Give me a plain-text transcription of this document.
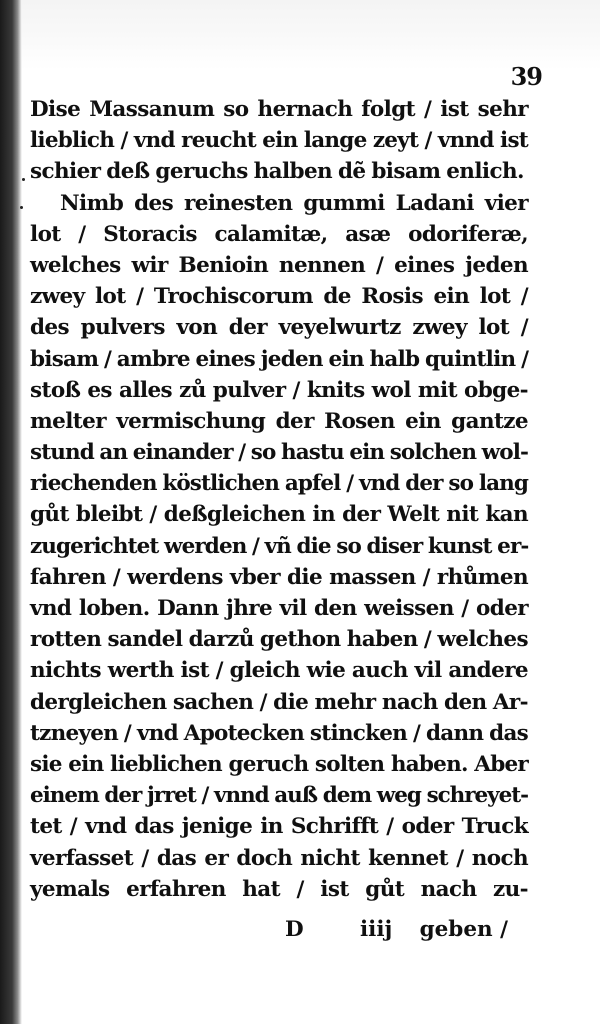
39
Dise Massanum so hernach folgt / ist sehr
lieblich / vnd reucht ein lange zeyt / vnnd ist
schier deß geruchs halben dẽ bisam enlich.
Nimb des reinesten gummi Ladani vier
lot / Storacis calamitæ, asæ odoriferæ,
welches wir Benioin nennen / eines jeden
zwey lot / Trochiscorum de Rosis ein lot /
des pulvers von der veyelwurtz zwey lot /
bisam / ambre eines jeden ein halb quintlin /
stoß es alles zů pulver / knits wol mit obge-
melter vermischung der Rosen ein gantze
stund an einander / so hastu ein solchen wol-
riechenden köstlichen apfel / vnd der so lang
gůt bleibt / deßgleichen in der Welt nit kan
zugerichtet werden / vñ die so diser kunst er-
fahren / werdens vber die massen / rhůmen
vnd loben. Dann jhre vil den weissen / oder
rotten sandel darzů gethon haben / welches
nichts werth ist / gleich wie auch vil andere
dergleichen sachen / die mehr nach den Ar-
tzneyen / vnd Apotecken stincken / dann das
sie ein lieblichen geruch solten haben. Aber
einem der jrret / vnnd auß dem weg schreyet-
tet / vnd das jenige in Schrifft / oder Truck
verfasset / das er doch nicht kennet / noch
yemals erfahren hat / ist gůt nach zu-
D	iiij geben /
